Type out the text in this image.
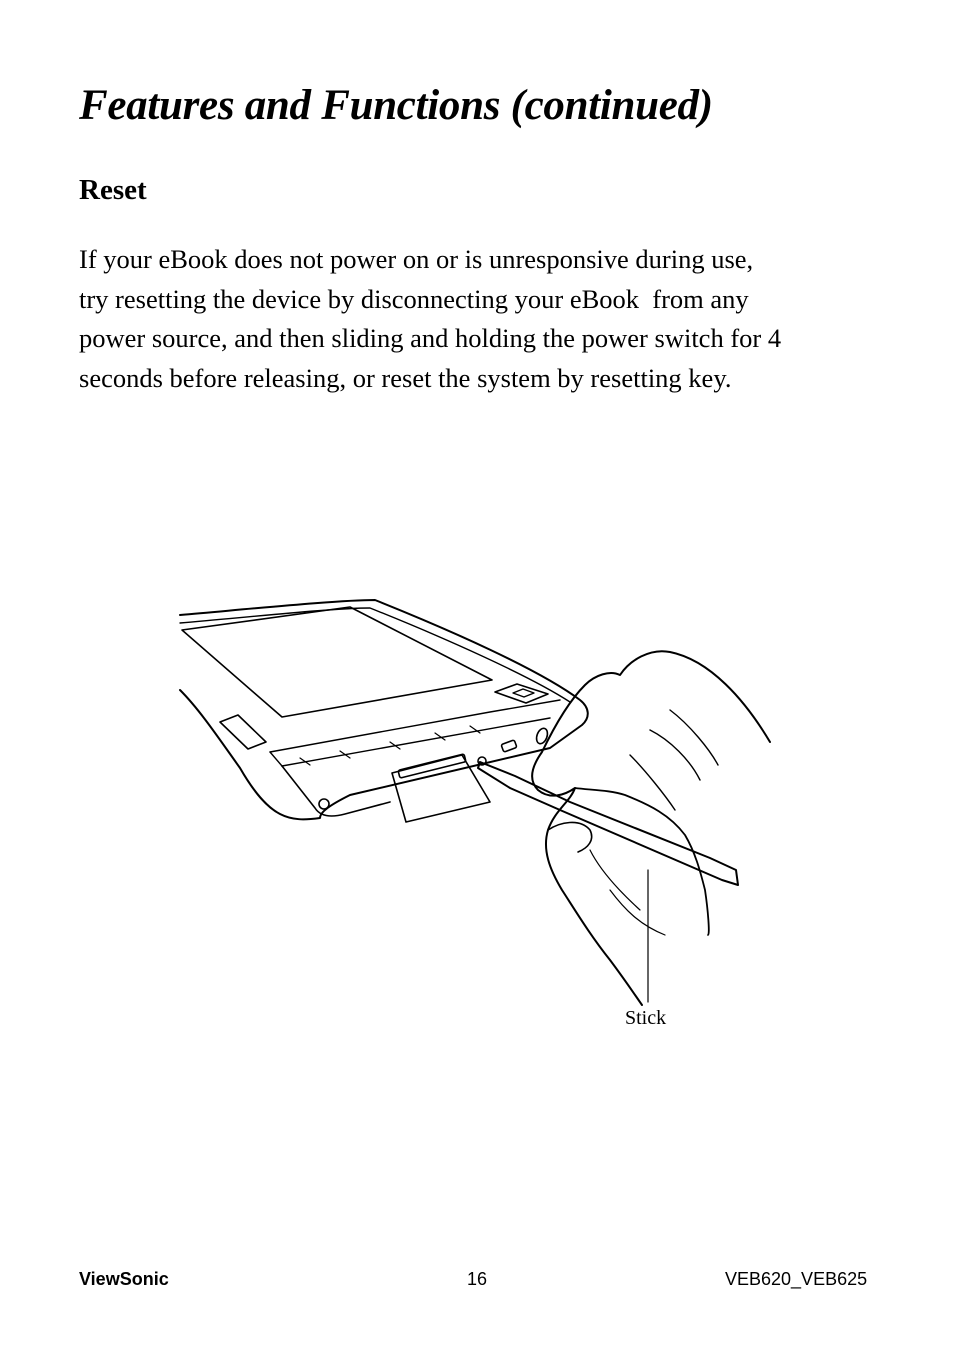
Features and Functions (continued)
Reset

If your eBook does not power on or is unresponsive during use,
try resetting the device by disconnecting your eBook  from any
power source, and then sliding and holding the power switch for 4
seconds before releasing, or reset the system by resetting key.

Stick
ViewSonic	16	VEB620_VEB625
